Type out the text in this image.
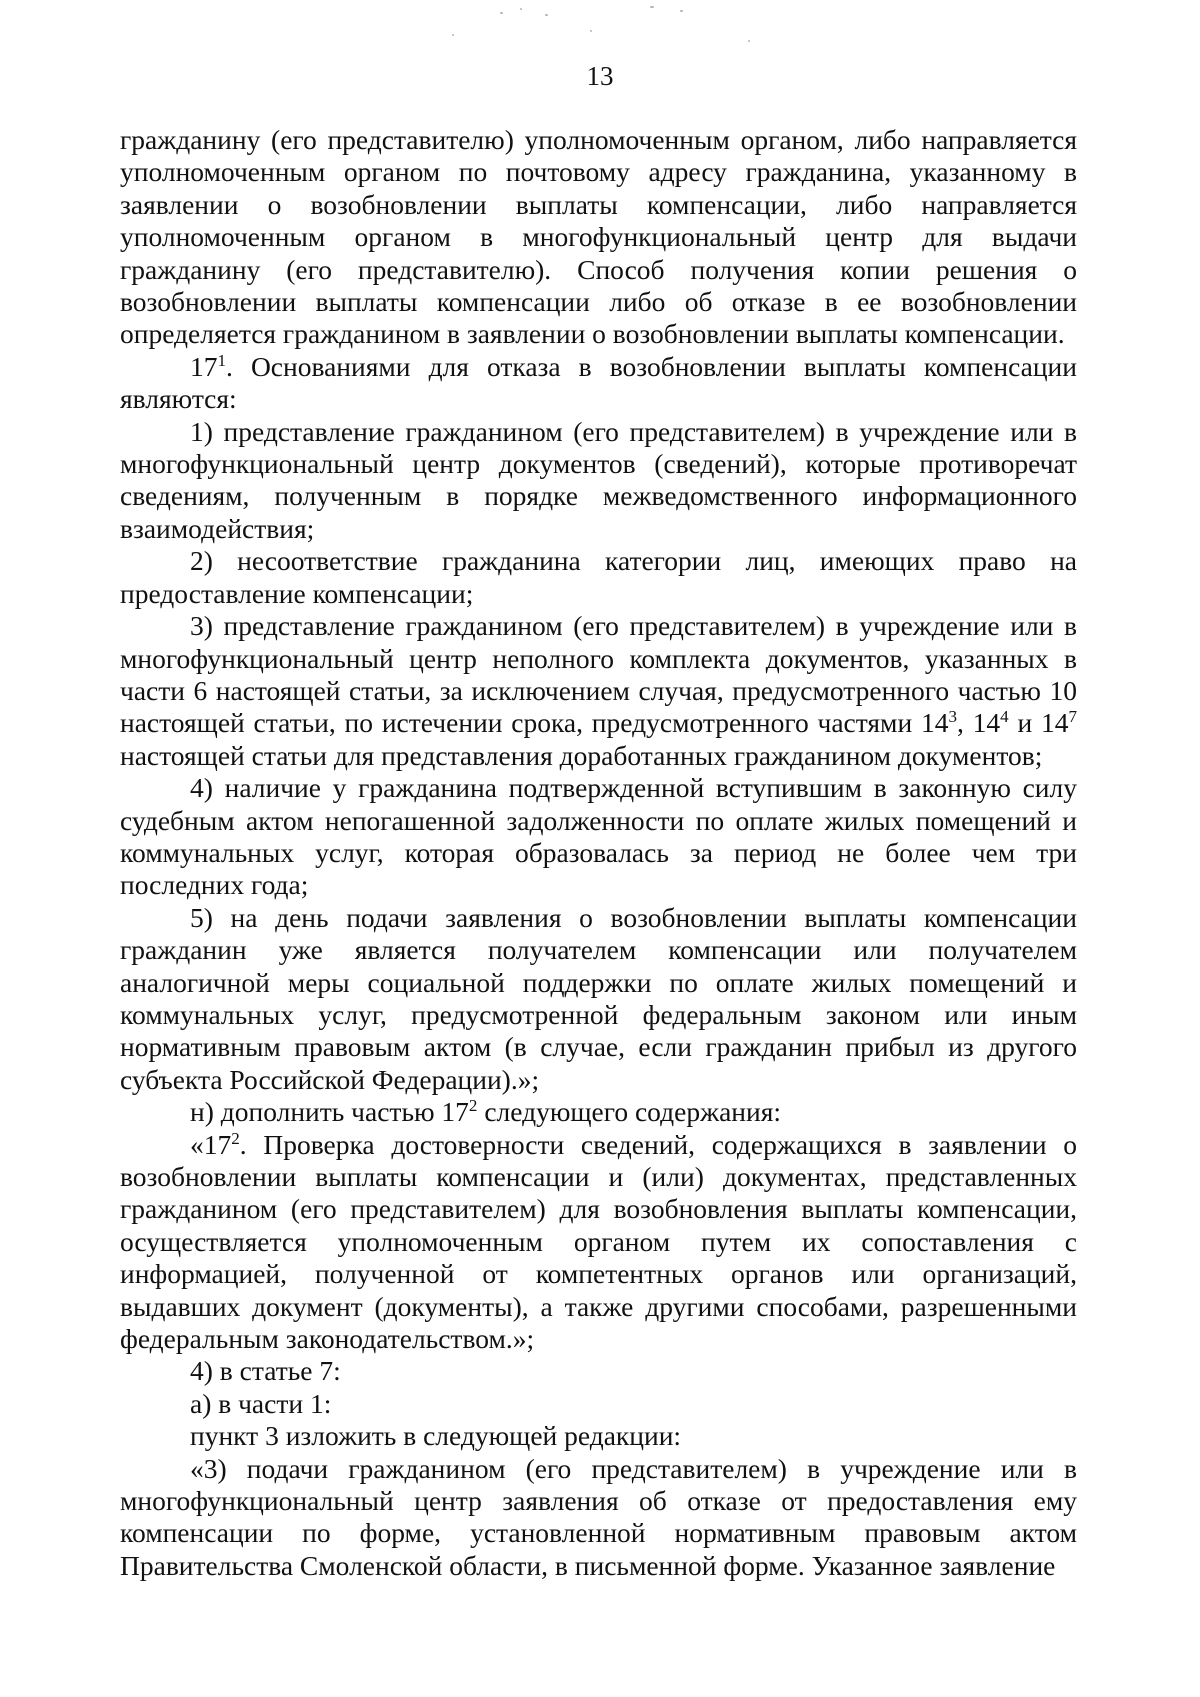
13

гражданину (его представителю) уполномоченным органом, либо направляется уполномоченным органом по почтовому адресу гражданина, указанному в заявлении о возобновлении выплаты компенсации, либо направляется уполномоченным органом в многофункциональный центр для выдачи гражданину (его представителю). Способ получения копии решения о возобновлении выплаты компенсации либо об отказе в ее возобновлении определяется гражданином в заявлении о возобновлении выплаты компенсации.

$17^1$. Основаниями для отказа в возобновлении выплаты компенсации являются:

1) представление гражданином (его представителем) в учреждение или в многофункциональный центр документов (сведений), которые противоречат сведениям, полученным в порядке межведомственного информационного взаимодействия;

2) несоответствие гражданина категории лиц, имеющих право на предоставление компенсации;

3) представление гражданином (его представителем) в учреждение или в многофункциональный центр неполного комплекта документов, указанных в части 6 настоящей статьи, за исключением случая, предусмотренного частью 10 настоящей статьи, по истечении срока, предусмотренного частями $14^3$, $14^4$ и $14^7$ настоящей статьи для представления доработанных гражданином документов;

4) наличие у гражданина подтвержденной вступившим в законную силу судебным актом непогашенной задолженности по оплате жилых помещений и коммунальных услуг, которая образовалась за период не более чем три последних года;

5) на день подачи заявления о возобновлении выплаты компенсации гражданин уже является получателем компенсации или получателем аналогичной меры социальной поддержки по оплате жилых помещений и коммунальных услуг, предусмотренной федеральным законом или иным нормативным правовым актом (в случае, если гражданин прибыл из другого субъекта Российской Федерации).»;

н) дополнить частью $17^2$ следующего содержания:

«$17^2$. Проверка достоверности сведений, содержащихся в заявлении о возобновлении выплаты компенсации и (или) документах, представленных гражданином (его представителем) для возобновления выплаты компенсации, осуществляется уполномоченным органом путем их сопоставления с информацией, полученной от компетентных органов или организаций, выдавших документ (документы), а также другими способами, разрешенными федеральным законодательством.»;

4) в статье 7:

а) в части 1:

пункт 3 изложить в следующей редакции:

«3) подачи гражданином (его представителем) в учреждение или в многофункциональный центр заявления об отказе от предоставления ему компенсации по форме, установленной нормативным правовым актом Правительства Смоленской области, в письменной форме. Указанное заявление
